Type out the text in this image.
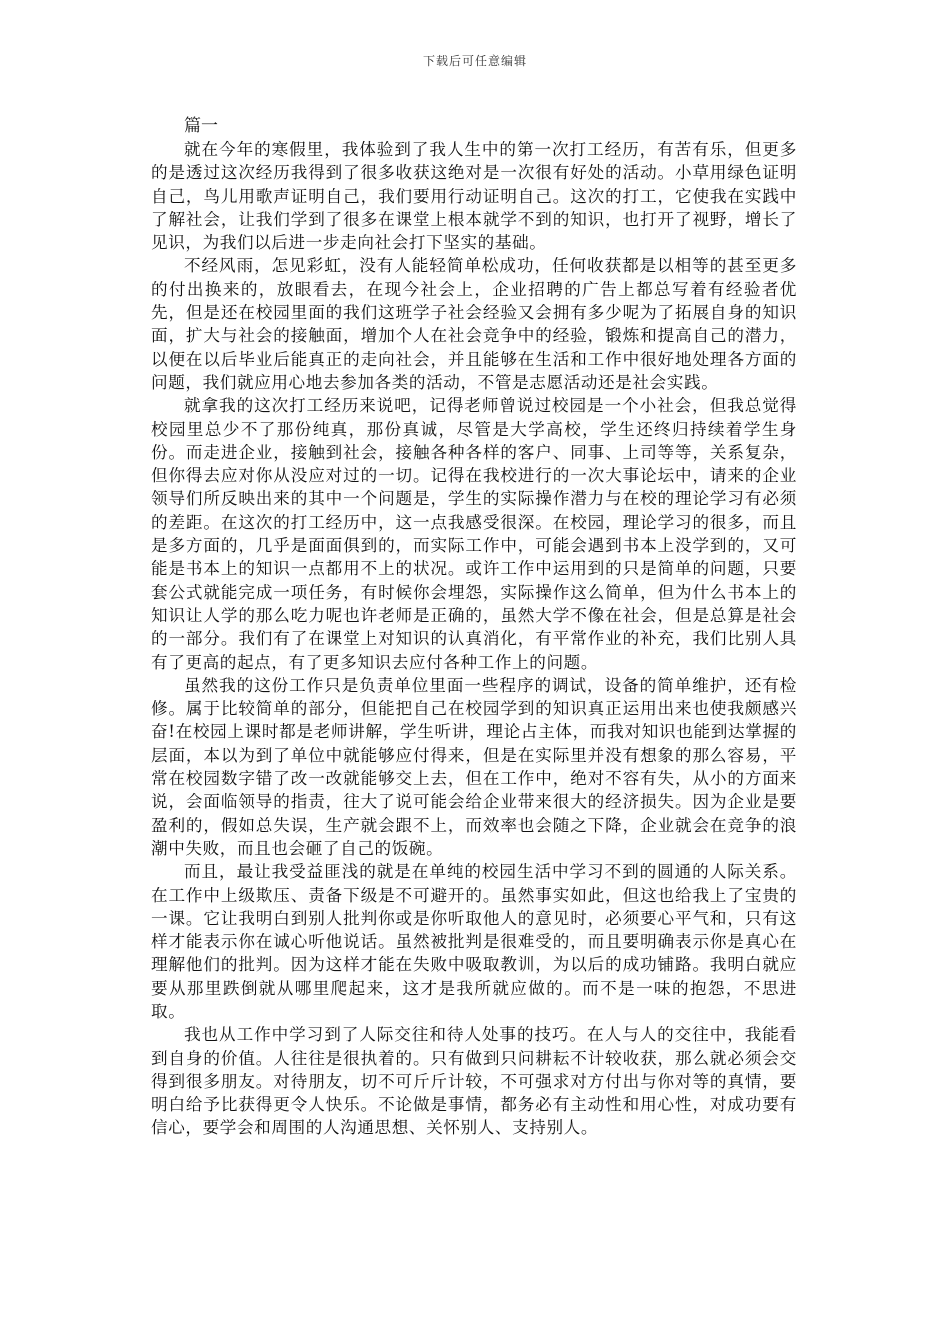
下载后可任意编辑

篇一

就在今年的寒假里，我体验到了我人生中的第一次打工经历，有苦有乐，但更多的是透过这次经历我得到了很多收获这绝对是一次很有好处的活动。小草用绿色证明自己，鸟儿用歌声证明自己，我们要用行动证明自己。这次的打工，它使我在实践中了解社会，让我们学到了很多在课堂上根本就学不到的知识，也打开了视野，增长了见识，为我们以后进一步走向社会打下坚实的基础。

不经风雨，怎见彩虹，没有人能轻简单松成功，任何收获都是以相等的甚至更多的付出换来的，放眼看去，在现今社会上，企业招聘的广告上都总写着有经验者优先，但是还在校园里面的我们这班学子社会经验又会拥有多少呢为了拓展自身的知识面，扩大与社会的接触面，增加个人在社会竞争中的经验，锻炼和提高自己的潜力，以便在以后毕业后能真正的走向社会，并且能够在生活和工作中很好地处理各方面的问题，我们就应用心地去参加各类的活动，不管是志愿活动还是社会实践。

就拿我的这次打工经历来说吧，记得老师曾说过校园是一个小社会，但我总觉得校园里总少不了那份纯真，那份真诚，尽管是大学高校，学生还终归持续着学生身份。而走进企业，接触到社会，接触各种各样的客户、同事、上司等等，关系复杂，但你得去应对你从没应对过的一切。记得在我校进行的一次大事论坛中，请来的企业领导们所反映出来的其中一个问题是，学生的实际操作潜力与在校的理论学习有必须的差距。在这次的打工经历中，这一点我感受很深。在校园，理论学习的很多，而且是多方面的，几乎是面面俱到的，而实际工作中，可能会遇到书本上没学到的，又可能是书本上的知识一点都用不上的状况。或许工作中运用到的只是简单的问题，只要套公式就能完成一项任务，有时候你会埋怨，实际操作这么简单，但为什么书本上的知识让人学的那么吃力呢也许老师是正确的，虽然大学不像在社会，但是总算是社会的一部分。我们有了在课堂上对知识的认真消化，有平常作业的补充，我们比别人具有了更高的起点，有了更多知识去应付各种工作上的问题。

虽然我的这份工作只是负责单位里面一些程序的调试，设备的简单维护，还有检修。属于比较简单的部分，但能把自己在校园学到的知识真正运用出来也使我颇感兴奋!在校园上课时都是老师讲解，学生听讲，理论占主体，而我对知识也能到达掌握的层面，本以为到了单位中就能够应付得来，但是在实际里并没有想象的那么容易，平常在校园数字错了改一改就能够交上去，但在工作中，绝对不容有失，从小的方面来说，会面临领导的指责，往大了说可能会给企业带来很大的经济损失。因为企业是要盈利的，假如总失误，生产就会跟不上，而效率也会随之下降，企业就会在竞争的浪潮中失败，而且也会砸了自己的饭碗。

而且，最让我受益匪浅的就是在单纯的校园生活中学习不到的圆通的人际关系。在工作中上级欺压、责备下级是不可避开的。虽然事实如此，但这也给我上了宝贵的一课。它让我明白到别人批判你或是你听取他人的意见时，必须要心平气和，只有这样才能表示你在诚心听他说话。虽然被批判是很难受的，而且要明确表示你是真心在理解他们的批判。因为这样才能在失败中吸取教训，为以后的成功铺路。我明白就应要从那里跌倒就从哪里爬起来，这才是我所就应做的。而不是一味的抱怨，不思进取。

我也从工作中学习到了人际交往和待人处事的技巧。在人与人的交往中，我能看到自身的价值。人往往是很执着的。只有做到只问耕耘不计较收获，那么就必须会交得到很多朋友。对待朋友，切不可斤斤计较，不可强求对方付出与你对等的真情，要明白给予比获得更令人快乐。不论做是事情，都务必有主动性和用心性，对成功要有信心，要学会和周围的人沟通思想、关怀别人、支持别人。
